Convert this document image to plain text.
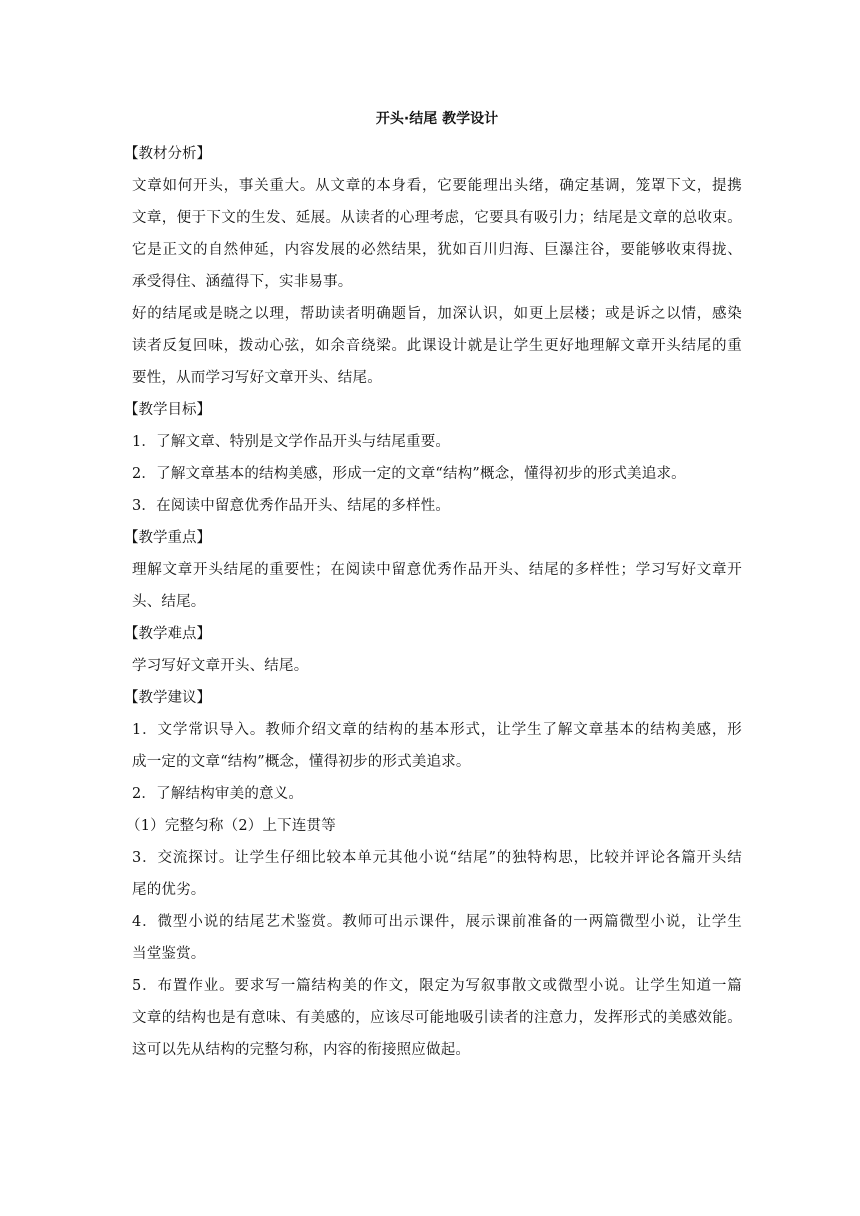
开头·结尾 教学设计
【教材分析】

文章如何开头，事关重大。从文章的本身看，它要能理出头绪，确定基调，笼罩下文，提携

文章，便于下文的生发、延展。从读者的心理考虑，它要具有吸引力；结尾是文章的总收束。

它是正文的自然伸延，内容发展的必然结果，犹如百川归海、巨瀑注谷，要能够收束得拢、

承受得住、涵蕴得下，实非易事。

好的结尾或是晓之以理，帮助读者明确题旨，加深认识，如更上层楼；或是诉之以情，感染

读者反复回味，拨动心弦，如余音绕梁。此课设计就是让学生更好地理解文章开头结尾的重

要性，从而学习写好文章开头、结尾。

【教学目标】

1．了解文章、特别是文学作品开头与结尾重要。

2．了解文章基本的结构美感，形成一定的文章“结构”概念，懂得初步的形式美追求。

3．在阅读中留意优秀作品开头、结尾的多样性。

【教学重点】

理解文章开头结尾的重要性；在阅读中留意优秀作品开头、结尾的多样性；学习写好文章开

头、结尾。

【教学难点】

学习写好文章开头、结尾。

【教学建议】

1．文学常识导入。教师介绍文章的结构的基本形式，让学生了解文章基本的结构美感，形

成一定的文章“结构”概念，懂得初步的形式美追求。

2．了解结构审美的意义。

（1）完整匀称（2）上下连贯等

3．交流探讨。让学生仔细比较本单元其他小说“结尾”的独特构思，比较并评论各篇开头结

尾的优劣。

4．微型小说的结尾艺术鉴赏。教师可出示课件，展示课前准备的一两篇微型小说，让学生

当堂鉴赏。

5．布置作业。要求写一篇结构美的作文，限定为写叙事散文或微型小说。让学生知道一篇

文章的结构也是有意味、有美感的，应该尽可能地吸引读者的注意力，发挥形式的美感效能。

这可以先从结构的完整匀称，内容的衔接照应做起。
